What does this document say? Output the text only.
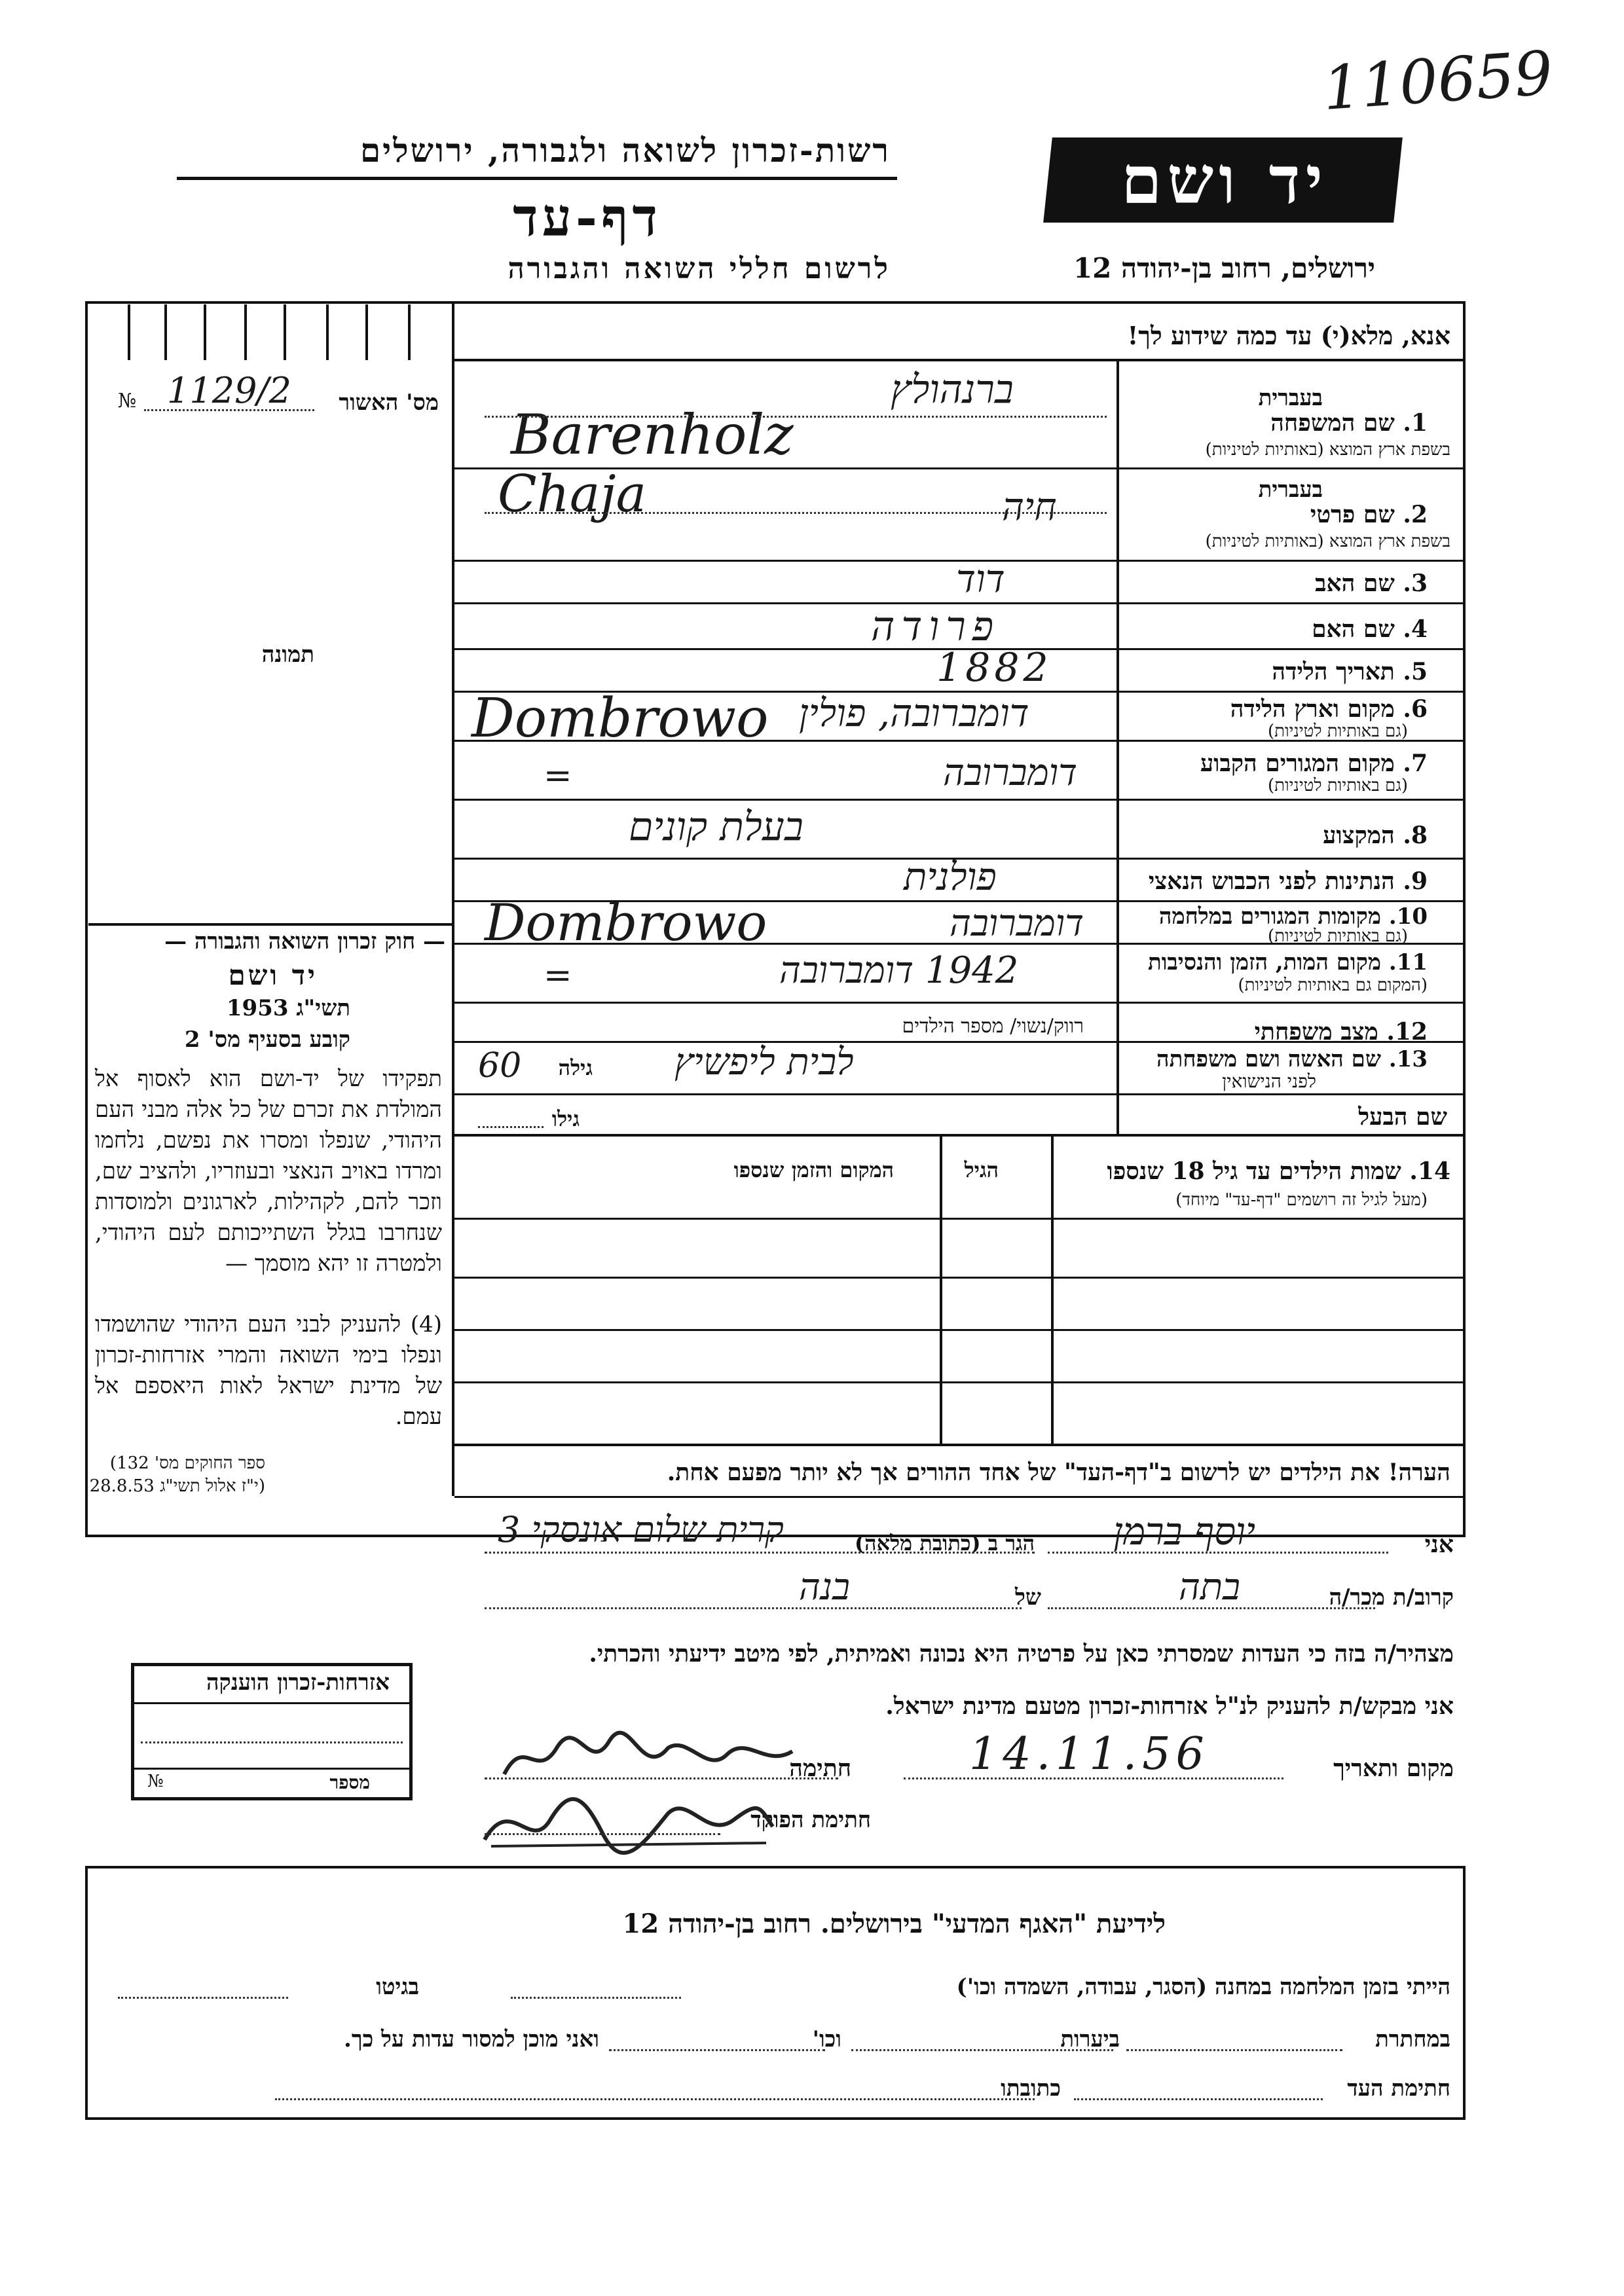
110659
רשות-זכרון לשואה ולגבורה, ירושלים
דף-עד
לרשום חללי השואה והגבורה
יד ושם
ירושלים, רחוב בן-יהודה 12
אנא, מלא(י) עד כמה שידוע לך!
№ 1129/2 מס' האשור
תמונה
— חוק זכרון השואה והגבורה —
יד ושם
תשי"ג 1953
קובע בסעיף מס' 2
תפקידו של יד-ושם הוא לאסוף אל המולדת את זכרם של כל אלה מבני העם היהודי, שנפלו ומסרו את נפשם, נלחמו ומרדו באויב הנאצי ובעוזריו, ולהציב שם, וזכר להם, לקהילות, לארגונים ולמוסדות שנחרבו בגלל השתייכותם לעם היהודי, ולמטרה זו יהא מוסמך —
(4) להעניק לבני העם היהודי שהושמדו ונפלו בימי השואה והמרי אזרחות-זכרון של מדינת ישראל לאות היאספם אל עמם.
(ספר החוקים מס' 132
י"ז אלול תשי"ג 28.8.53)
בעברית
1. שם המשפחה
בשפת ארץ המוצא (באותיות לטיניות)
ברנהולץ
Barenholz
בעברית
2. שם פרטי
בשפת ארץ המוצא (באותיות לטיניות)
חיה
Chaja
3. שם האב
דוד
4. שם האם
פרודה
5. תאריך הלידה
1882
6. מקום וארץ הלידה
(גם באותיות לטיניות)
Dombrowo דומברובה, פולין
7. מקום המגורים הקבוע
(גם באותיות לטיניות)
=	דומברובה
8. המקצוע
בעלת קונים
9. הנתינות לפני הכבוש הנאצי
פולנית
10. מקומות המגורים במלחמה
(גם באותיות לטיניות)
Dombrowo	דומברובה
11. מקום המות, הזמן והנסיבות
(המקום גם באותיות לטיניות)
=	1942 דומברובה
12. מצב משפחתי
רווק/נשוי/ מספר הילדים
13. שם האשה ושם משפחתה
לפני הנישואין
לבית ליפשיץ
גילה
60
שם הבעל
גילו
14. שמות הילדים עד גיל 18 שנספו
(מעל לגיל זה רושמים "דף-עד" מיוחד)
הגיל
המקום והזמן שנספו
הערה! את הילדים יש לרשום ב"דף-העד" של אחד ההורים אך לא יותר מפעם אחת.
אני
יוסף ברמן
הגר ב (כתובת מלאה)
קרית שלום אונסקי 3
קרוב/ת מכר/ה
בתה
של
בנה
מצהיר/ה בזה כי העדות שמסרתי כאן על פרטיה היא נכונה ואמיתית, לפי מיטב ידיעתי והכרתי.
אני מבקש/ת להעניק לנ"ל אזרחות-זכרון מטעם מדינת ישראל.
אזרחות-זכרון הוענקה
מספר
№	מקום ותאריך
14.11.56
חתימה
חתימת הפוקד
לידיעת "האגף המדעי" בירושלים. רחוב בן-יהודה 12
הייתי בזמן המלחמה במחנה (הסגר, עבודה, השמדה וכו')
בגיטו
במחתרת
ביערות
וכו'
ואני מוכן למסור עדות על כך.
חתימת העד
כתובתו
